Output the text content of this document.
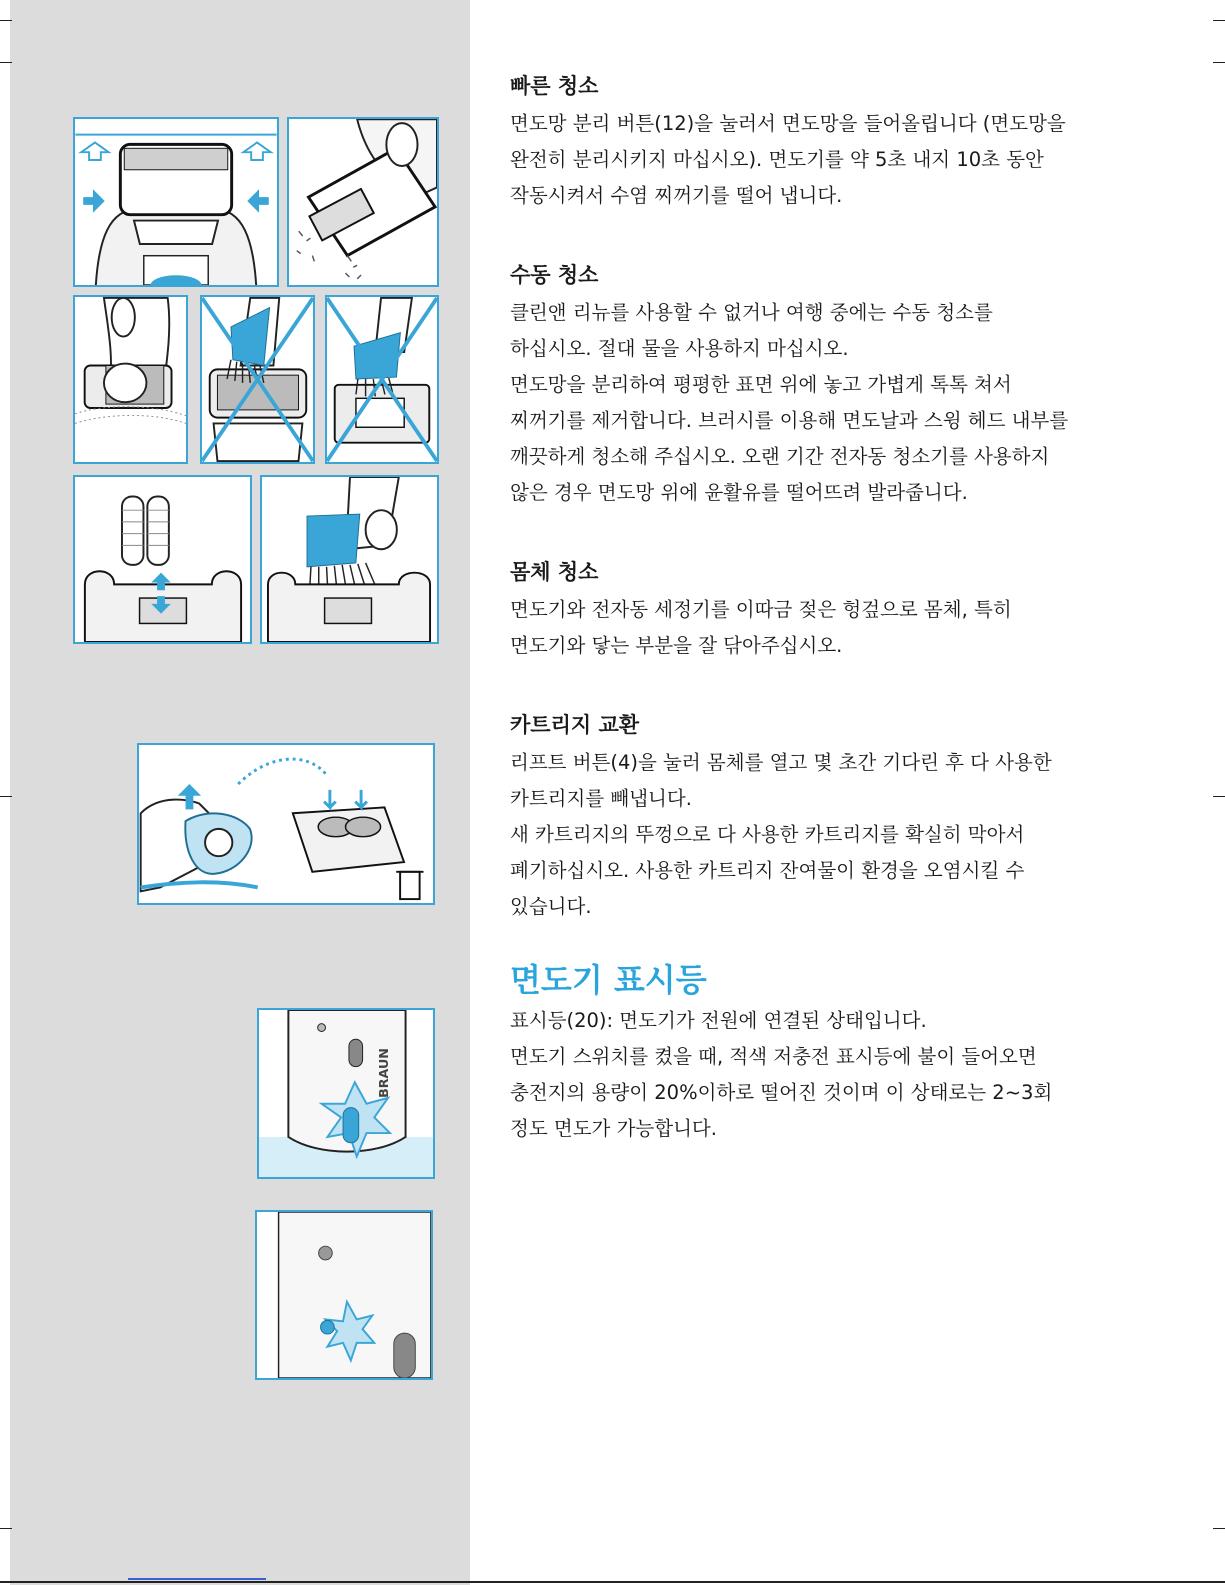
BRAUN
빠른 청소

면도망 분리 버튼(12)을 눌러서 면도망을 들어올립니다 (면도망을
완전히 분리시키지 마십시오). 면도기를 약 5초 내지 10초 동안
작동시켜서 수염 찌꺼기를 떨어 냅니다.

수동 청소

클린앤 리뉴를 사용할 수 없거나 여행 중에는 수동 청소를
하십시오. 절대 물을 사용하지 마십시오.
면도망을 분리하여 평평한 표면 위에 놓고 가볍게 톡톡 쳐서
찌꺼기를 제거합니다. 브러시를 이용해 면도날과 스윙 헤드 내부를
깨끗하게 청소해 주십시오. 오랜 기간 전자동 청소기를 사용하지
않은 경우 면도망 위에 윤활유를 떨어뜨려 발라줍니다.

몸체 청소

면도기와 전자동 세정기를 이따금 젖은 헝겊으로 몸체, 특히
면도기와 닿는 부분을 잘 닦아주십시오.

카트리지 교환

리프트 버튼(4)을 눌러 몸체를 열고 몇 초간 기다린 후 다 사용한
카트리지를 빼냅니다.
새 카트리지의 뚜껑으로 다 사용한 카트리지를 확실히 막아서
폐기하십시오. 사용한 카트리지 잔여물이 환경을 오염시킬 수
있습니다.

면도기 표시등

표시등(20): 면도기가 전원에 연결된 상태입니다.
면도기 스위치를 켰을 때, 적색 저충전 표시등에 불이 들어오면
충전지의 용량이 20%이하로 떨어진 것이며 이 상태로는 2~3회
정도 면도가 가능합니다.
